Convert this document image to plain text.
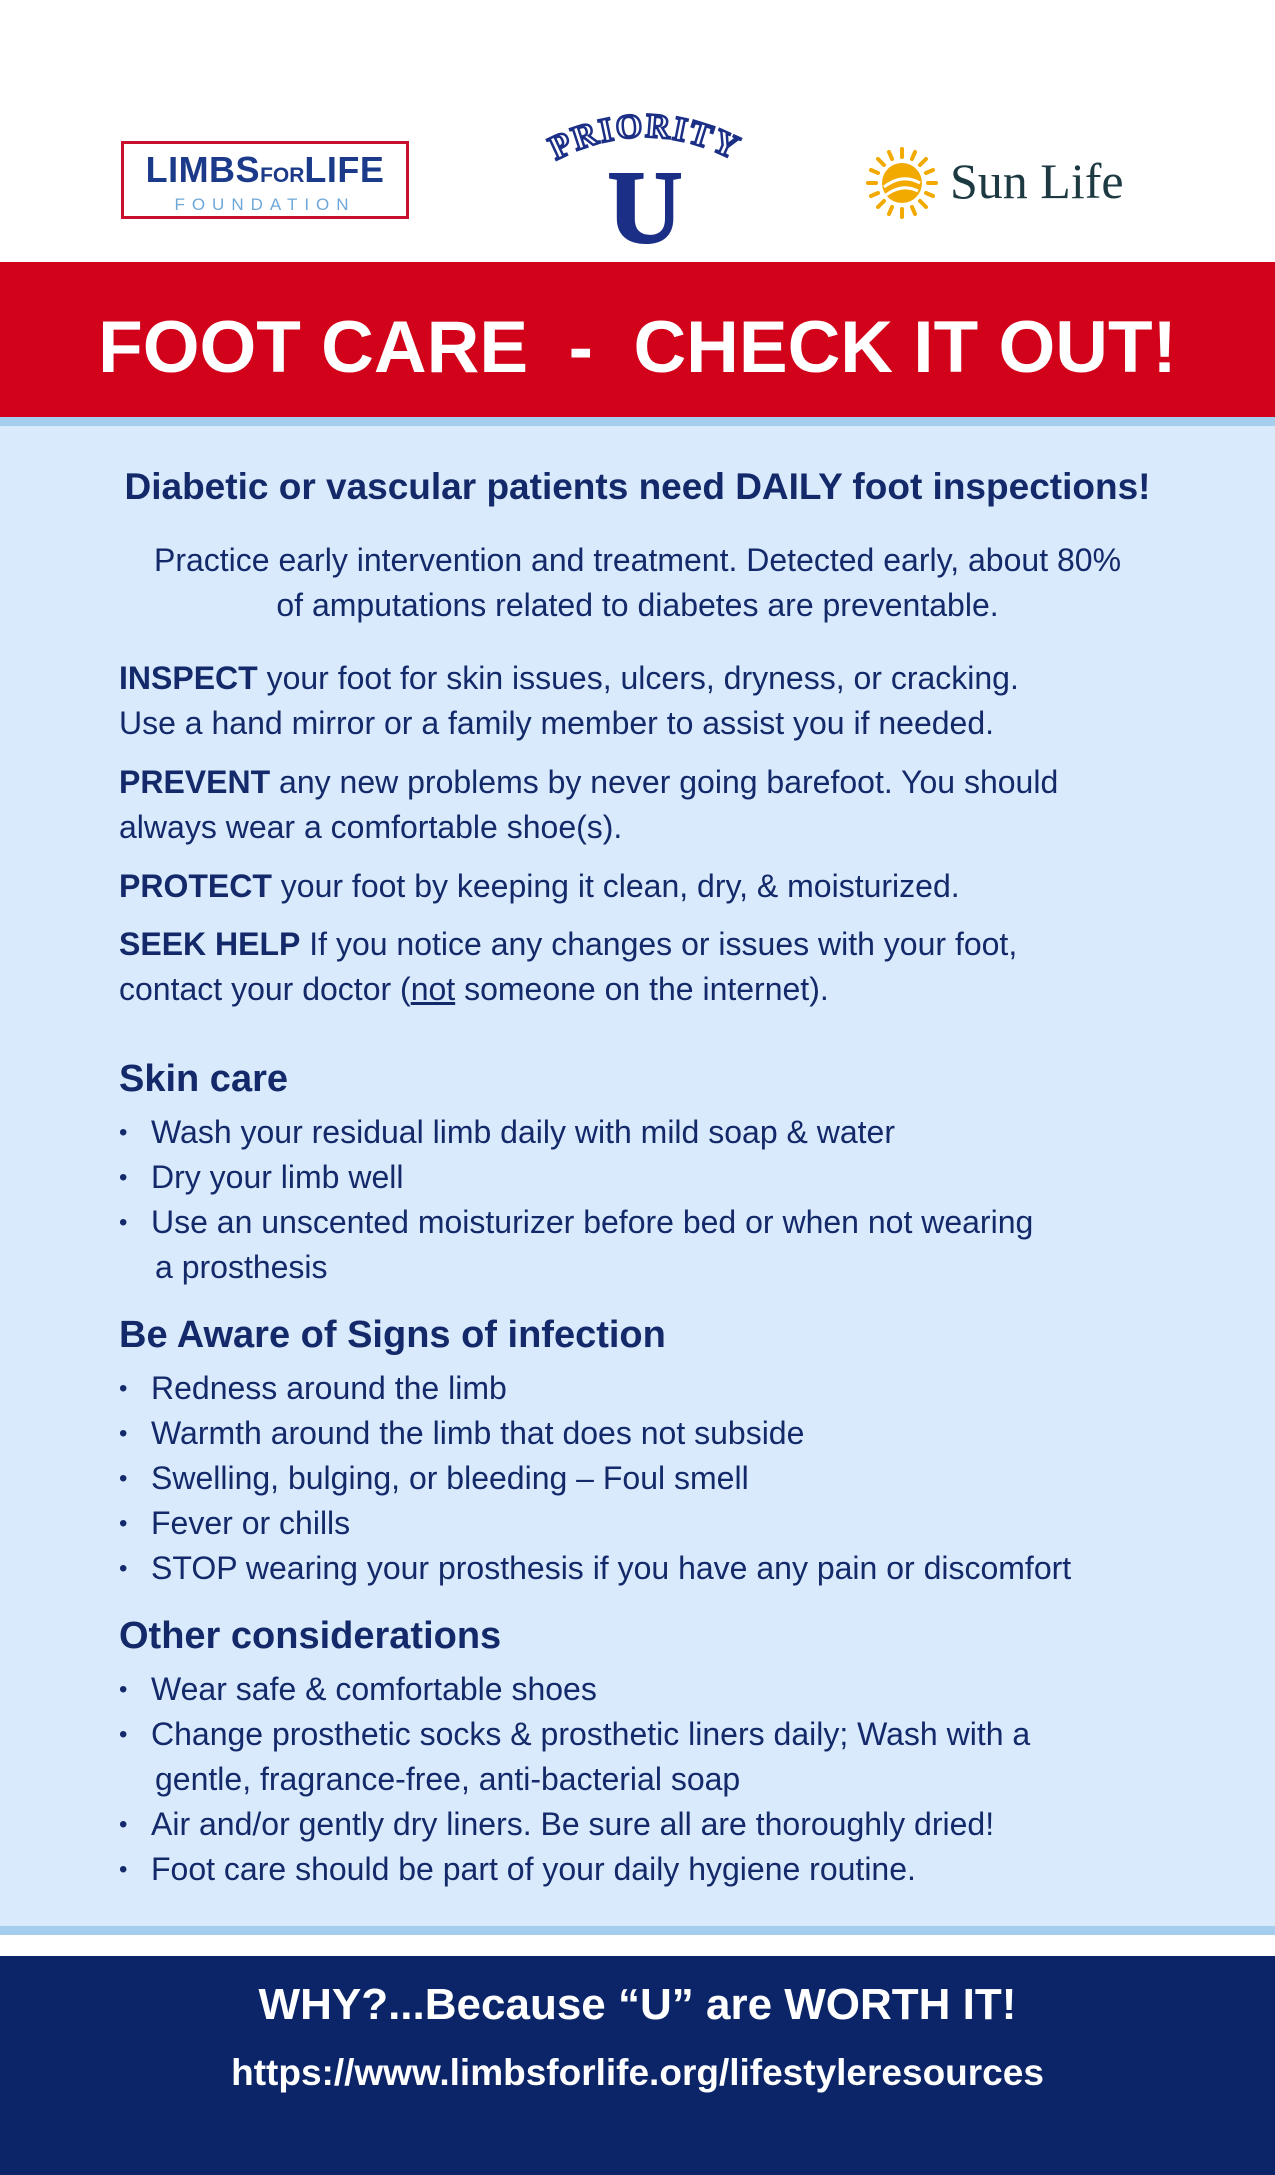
LIMBSFORLIFE
FOUNDATION
PRIORITY
U	Sun Life
FOOT CARE  -  CHECK IT OUT!

Diabetic or vascular patients need DAILY foot inspections!

Practice early intervention and treatment. Detected early, about 80%
of amputations related to diabetes are preventable.

INSPECT your foot for skin issues, ulcers, dryness, or cracking.
Use a hand mirror or a family member to assist you if needed.

PREVENT any new problems by never going barefoot. You should
always wear a comfortable shoe(s).

PROTECT your foot by keeping it clean, dry, & moisturized.

SEEK HELP If you notice any changes or issues with your foot,
contact your doctor (not someone on the internet).

Skin care
• Wash your residual limb daily with mild soap & water
• Dry your limb well
• Use an unscented moisturizer before bed or when not wearing
a prosthesis
Be Aware of Signs of infection
• Redness around the limb
• Warmth around the limb that does not subside
• Swelling, bulging, or bleeding – Foul smell
• Fever or chills
• STOP wearing your prosthesis if you have any pain or discomfort
Other considerations
• Wear safe & comfortable shoes
• Change prosthetic socks & prosthetic liners daily; Wash with a
gentle, fragrance-free, anti-bacterial soap
• Air and/or gently dry liners. Be sure all are thoroughly dried!
• Foot care should be part of your daily hygiene routine.

WHY?...Because “U” are WORTH IT!

https://www.limbsforlife.org/lifestyleresources
